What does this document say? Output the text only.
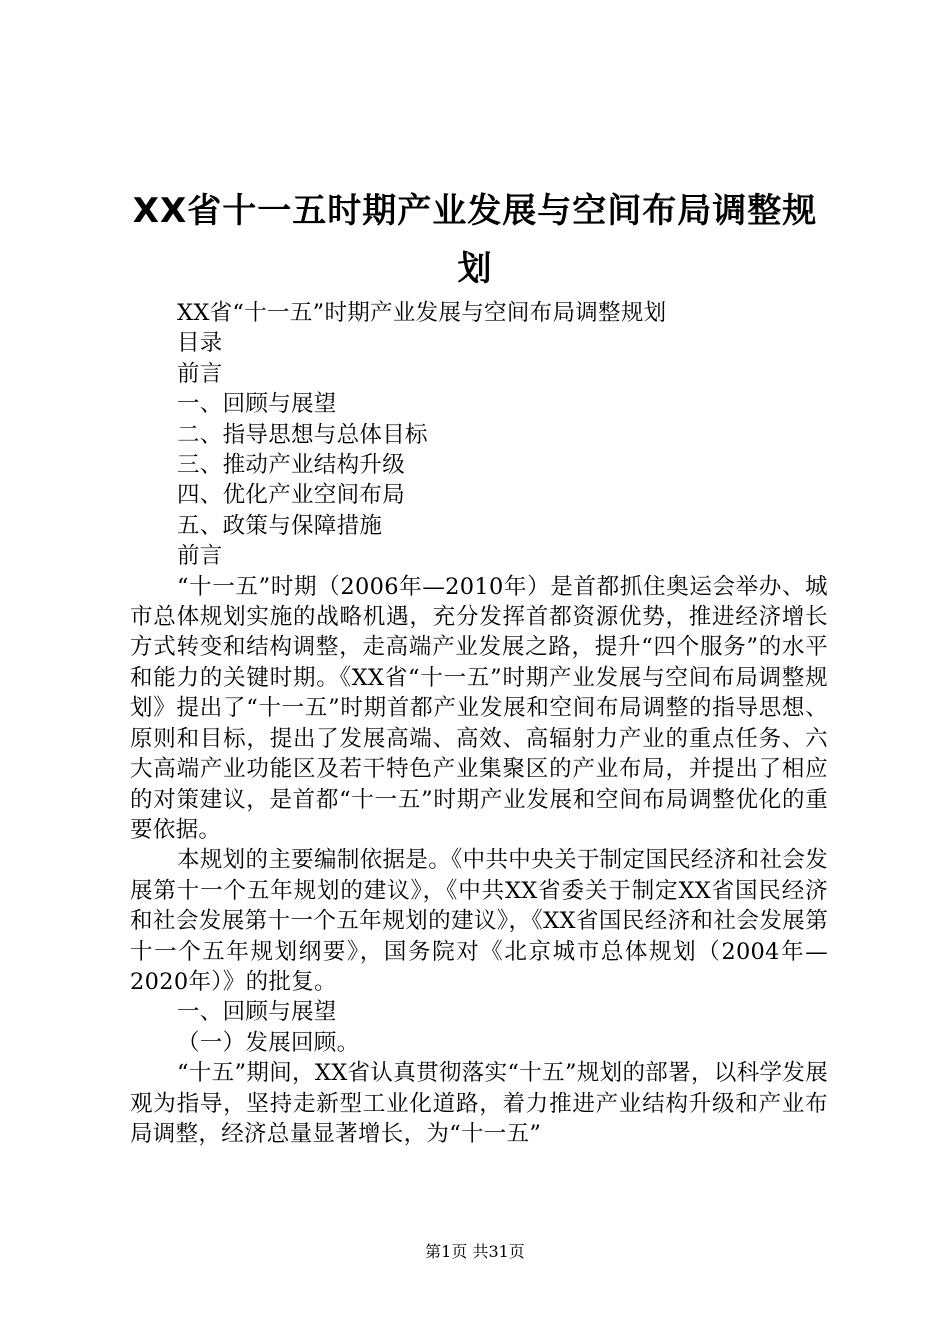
XX省十一五时期产业发展与空间布局调整规划

XX省“十一五”时期产业发展与空间布局调整规划

目录

前言

一、回顾与展望

二、指导思想与总体目标

三、推动产业结构升级

四、优化产业空间布局

五、政策与保障措施

前言

“十一五”时期（2006年—2010年）是首都抓住奥运会举办、城市总体规划实施的战略机遇，充分发挥首都资源优势，推进经济增长方式转变和结构调整，走高端产业发展之路，提升“四个服务”的水平和能力的关键时期。《XX省“十一五”时期产业发展与空间布局调整规划》提出了“十一五”时期首都产业发展和空间布局调整的指导思想、原则和目标，提出了发展高端、高效、高辐射力产业的重点任务、六大高端产业功能区及若干特色产业集聚区的产业布局，并提出了相应的对策建议，是首都“十一五”时期产业发展和空间布局调整优化的重要依据。

本规划的主要编制依据是。《中共中央关于制定国民经济和社会发展第十一个五年规划的建议》，《中共XX省委关于制定XX省国民经济和社会发展第十一个五年规划的建议》，《XX省国民经济和社会发展第十一个五年规划纲要》，国务院对《北京城市总体规划（2004年—2020年）》的批复。

一、回顾与展望

（一）发展回顾。

“十五”期间，XX省认真贯彻落实“十五”规划的部署，以科学发展观为指导，坚持走新型工业化道路，着力推进产业结构升级和产业布局调整，经济总量显著增长，为“十一五”

第1页 共31页
